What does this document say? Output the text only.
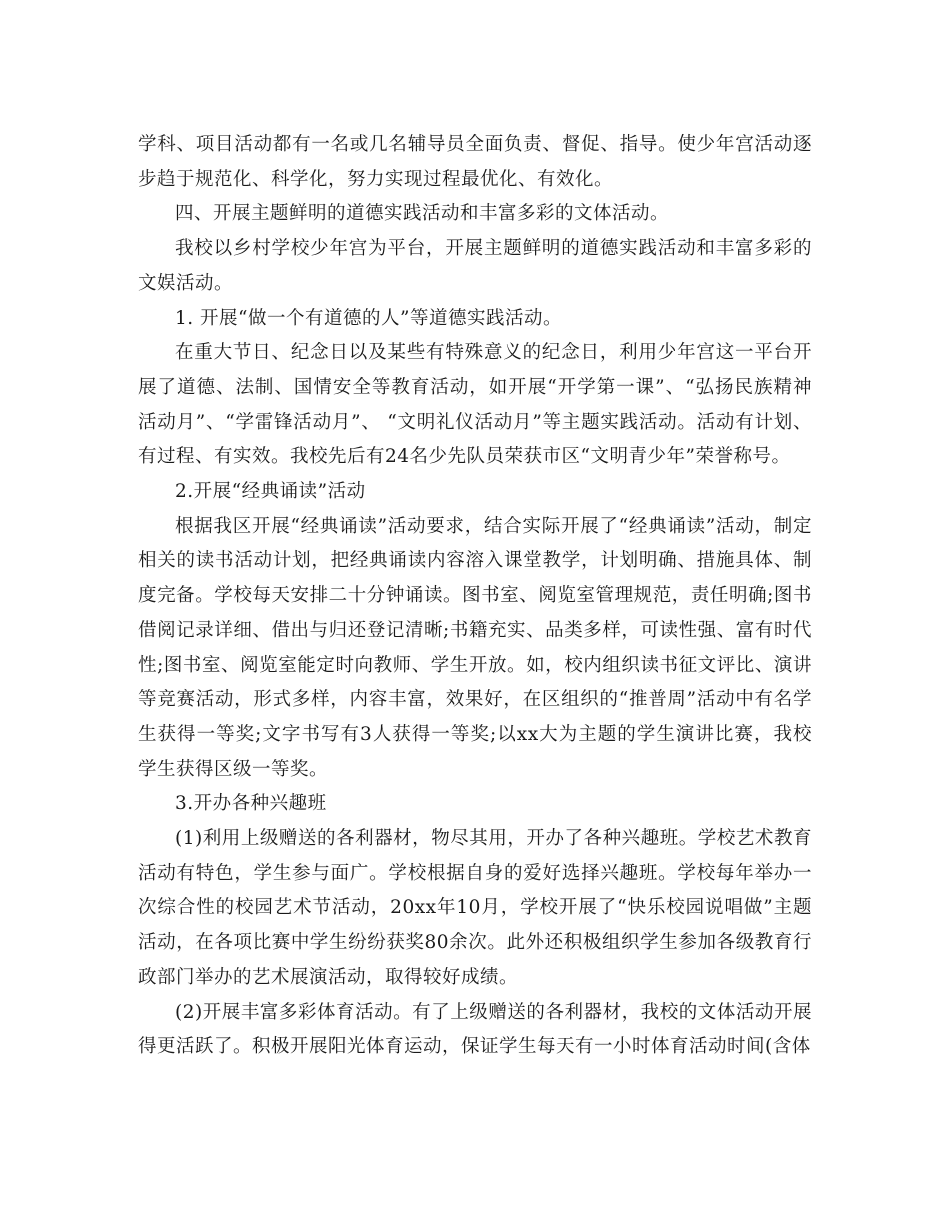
学科、项目活动都有一名或几名辅导员全面负责、督促、指导。使少年宫活动逐步趋于规范化、科学化，努力实现过程最优化、有效化。

四、开展主题鲜明的道德实践活动和丰富多彩的文体活动。

我校以乡村学校少年宫为平台，开展主题鲜明的道德实践活动和丰富多彩的文娱活动。

1. 开展“做一个有道德的人”等道德实践活动。

在重大节日、纪念日以及某些有特殊意义的纪念日，利用少年宫这一平台开展了道德、法制、国情安全等教育活动，如开展“开学第一课”、“弘扬民族精神活动月”、“学雷锋活动月”、 “文明礼仪活动月”等主题实践活动。活动有计划、有过程、有实效。我校先后有24名少先队员荣获市区“文明青少年”荣誉称号。

2.开展“经典诵读”活动

根据我区开展“经典诵读”活动要求，结合实际开展了“经典诵读”活动，制定相关的读书活动计划，把经典诵读内容溶入课堂教学，计划明确、措施具体、制度完备。学校每天安排二十分钟诵读。图书室、阅览室管理规范，责任明确;图书借阅记录详细、借出与归还登记清晰;书籍充实、品类多样，可读性强、富有时代性;图书室、阅览室能定时向教师、学生开放。如，校内组织读书征文评比、演讲等竞赛活动，形式多样，内容丰富，效果好，在区组织的“推普周”活动中有名学生获得一等奖;文字书写有3人获得一等奖;以xx大为主题的学生演讲比赛，我校学生获得区级一等奖。

3.开办各种兴趣班

(1)利用上级赠送的各利器材，物尽其用，开办了各种兴趣班。学校艺术教育活动有特色，学生参与面广。学校根据自身的爱好选择兴趣班。学校每年举办一次综合性的校园艺术节活动，20xx年10月，学校开展了“快乐校园说唱做”主题活动，在各项比赛中学生纷纷获奖80余次。此外还积极组织学生参加各级教育行政部门举办的艺术展演活动，取得较好成绩。

(2)开展丰富多彩体育活动。有了上级赠送的各利器材，我校的文体活动开展得更活跃了。积极开展阳光体育运动，保证学生每天有一小时体育活动时间(含体
